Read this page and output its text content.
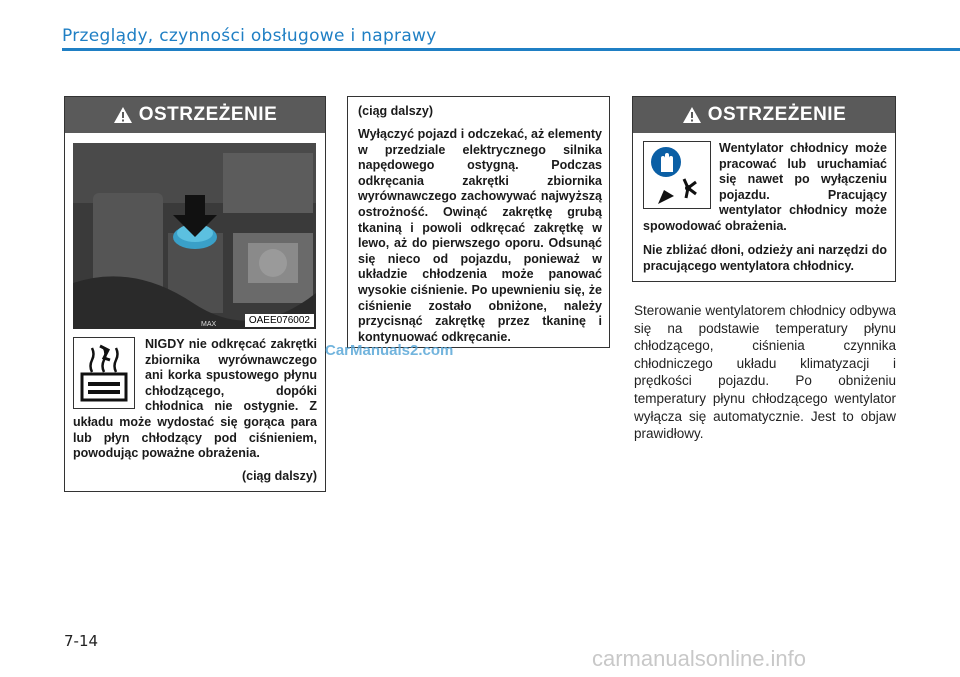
Przeglądy, czynności obsługowe i naprawy
OSTRZEŻENIE
MAX	OAEE076002
NIGDY nie odkręcać zakrętki zbiornika wyrównawczego ani korka spustowego płynu chłodzącego, dopóki chłodnica nie ostygnie. Z układu może wydostać się gorąca para lub płyn chłodzący pod ciśnieniem, powodując poważne obrażenia.
(ciąg dalszy)
(ciąg dalszy)
Wyłączyć pojazd i odczekać, aż elementy w przedziale elektrycznego silnika napędowego ostygną. Podczas odkręcania zakrętki zbiornika wyrównawczego zachowywać najwyższą ostrożność. Owinąć zakrętkę grubą tkaniną i powoli odkręcać zakrętkę w lewo, aż do pierwszego oporu. Odsunąć się nieco od pojazdu, ponieważ w układzie chłodzenia może panować wysokie ciśnienie. Po upewnieniu się, że ciśnienie zostało obniżone, należy przycisnąć zakrętkę przez tkaninę i kontynuować odkręcanie.
OSTRZEŻENIE
Wentylator chłodnicy może pracować lub uruchamiać się nawet po wyłączeniu pojazdu. Pracujący wentylator chłodnicy może spowodować obrażenia.
Nie zbliżać dłoni, odzieży ani narzędzi do pracującego wentylatora chłodnicy.
Sterowanie wentylatorem chłodnicy odbywa się na podstawie temperatury płynu chłodzącego, ciśnienia czynnika chłodniczego układu klimatyzacji i prędkości pojazdu. Po obniżeniu temperatury płynu chłodzącego wentylator wyłącza się automatycznie. Jest to objaw prawidłowy.
CarManuals2.com
7-14
carmanualsonline.info
